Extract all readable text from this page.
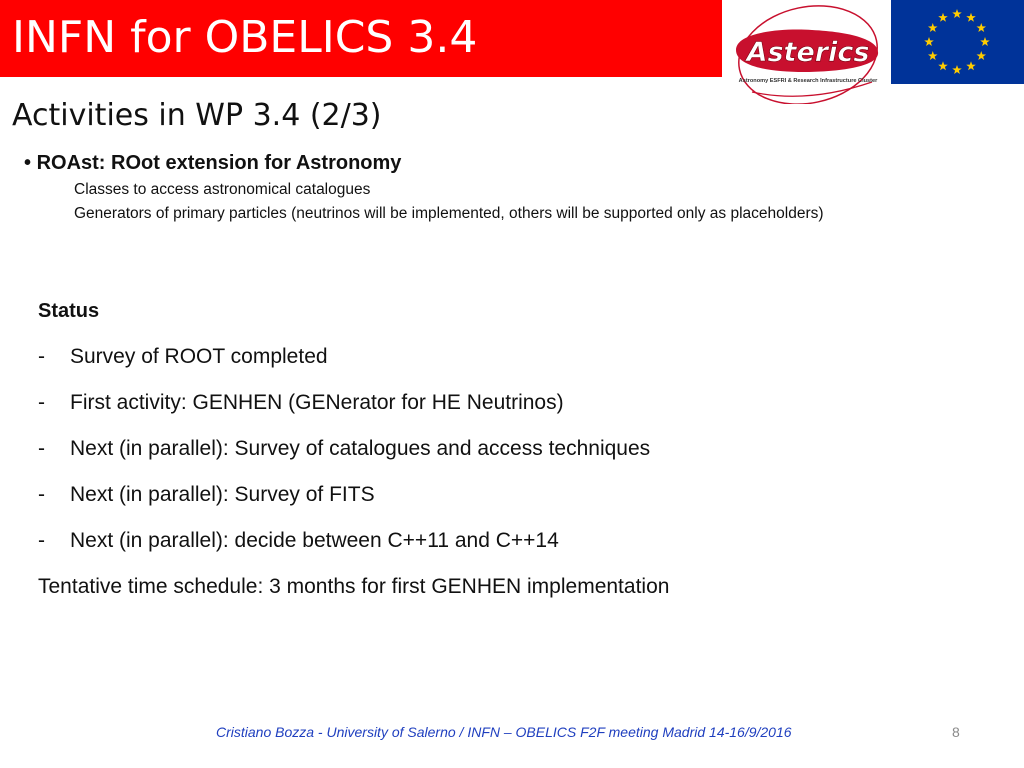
INFN for OBELICS 3.4	Asterics
Astronomy ESFRI & Research Infrastructure Cluster
Activities in WP 3.4 (2/3)
• ROAst: ROot extension for Astronomy
Classes to access astronomical catalogues
Generators of primary particles (neutrinos will be implemented, others will be supported only as placeholders)
Status
- Survey of ROOT completed
- First activity: GENHEN (GENerator for HE Neutrinos)
- Next (in parallel): Survey of catalogues and access techniques
- Next (in parallel): Survey of FITS
- Next (in parallel): decide between C++11 and C++14
Tentative time schedule: 3 months for first GENHEN implementation
Cristiano Bozza - University of Salerno / INFN – OBELICS F2F meeting Madrid 14-16/9/2016	8
